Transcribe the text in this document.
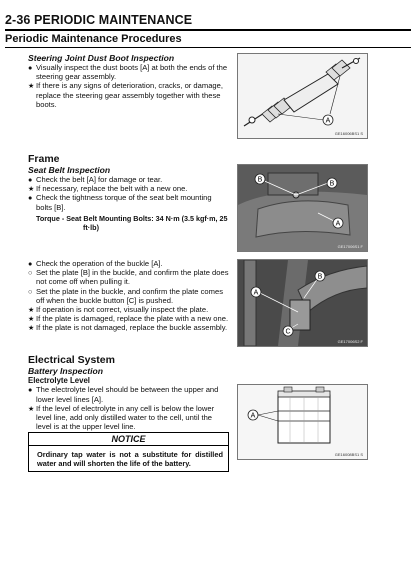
2-36 PERIODIC MAINTENANCE
Periodic Maintenance Procedures
Steering Joint Dust Boot Inspection
● Visually inspect the dust boots [A] at both the ends of the steering gear assembly.
★ If there is any signs of deterioration, cracks, or damage, replace the steering gear assembly together with these boots.
A
GE16006BS1 S
Frame
Seat Belt Inspection
● Check the belt [A] for damage or tear.
★ If necessary, replace the belt with a new one.
● Check the tightness torque of the seat belt mounting bolts [B].
Torque - Seat Belt Mounting Bolts: 34 N·m (3.5 kgf·m, 25
ft·lb)
B
B
A
GE17006S1 F
● Check the operation of the buckle [A].
○ Set the plate [B] in the buckle, and confirm the plate does not come off when pulling it.
○ Set the plate in the buckle, and confirm the plate comes off when the buckle button [C] is pushed.
★ If operation is not correct, visually inspect the plate.
★ If the plate is damaged, replace the plate with a new one.
★ If the plate is not damaged, replace the buckle assembly.
A
B
C
GE17006S2 F
Electrical System
Battery Inspection
Electrolyte Level
● The electrolyte level should be between the upper and lower level lines [A].
★ If the level of electrolyte in any cell is below the lower level line, add only distilled water to the cell, until the level is at the upper level line.
A
GE16008BS1 S
NOTICE
Ordinary tap water is not a substitute for distilled water and will shorten the life of the battery.
